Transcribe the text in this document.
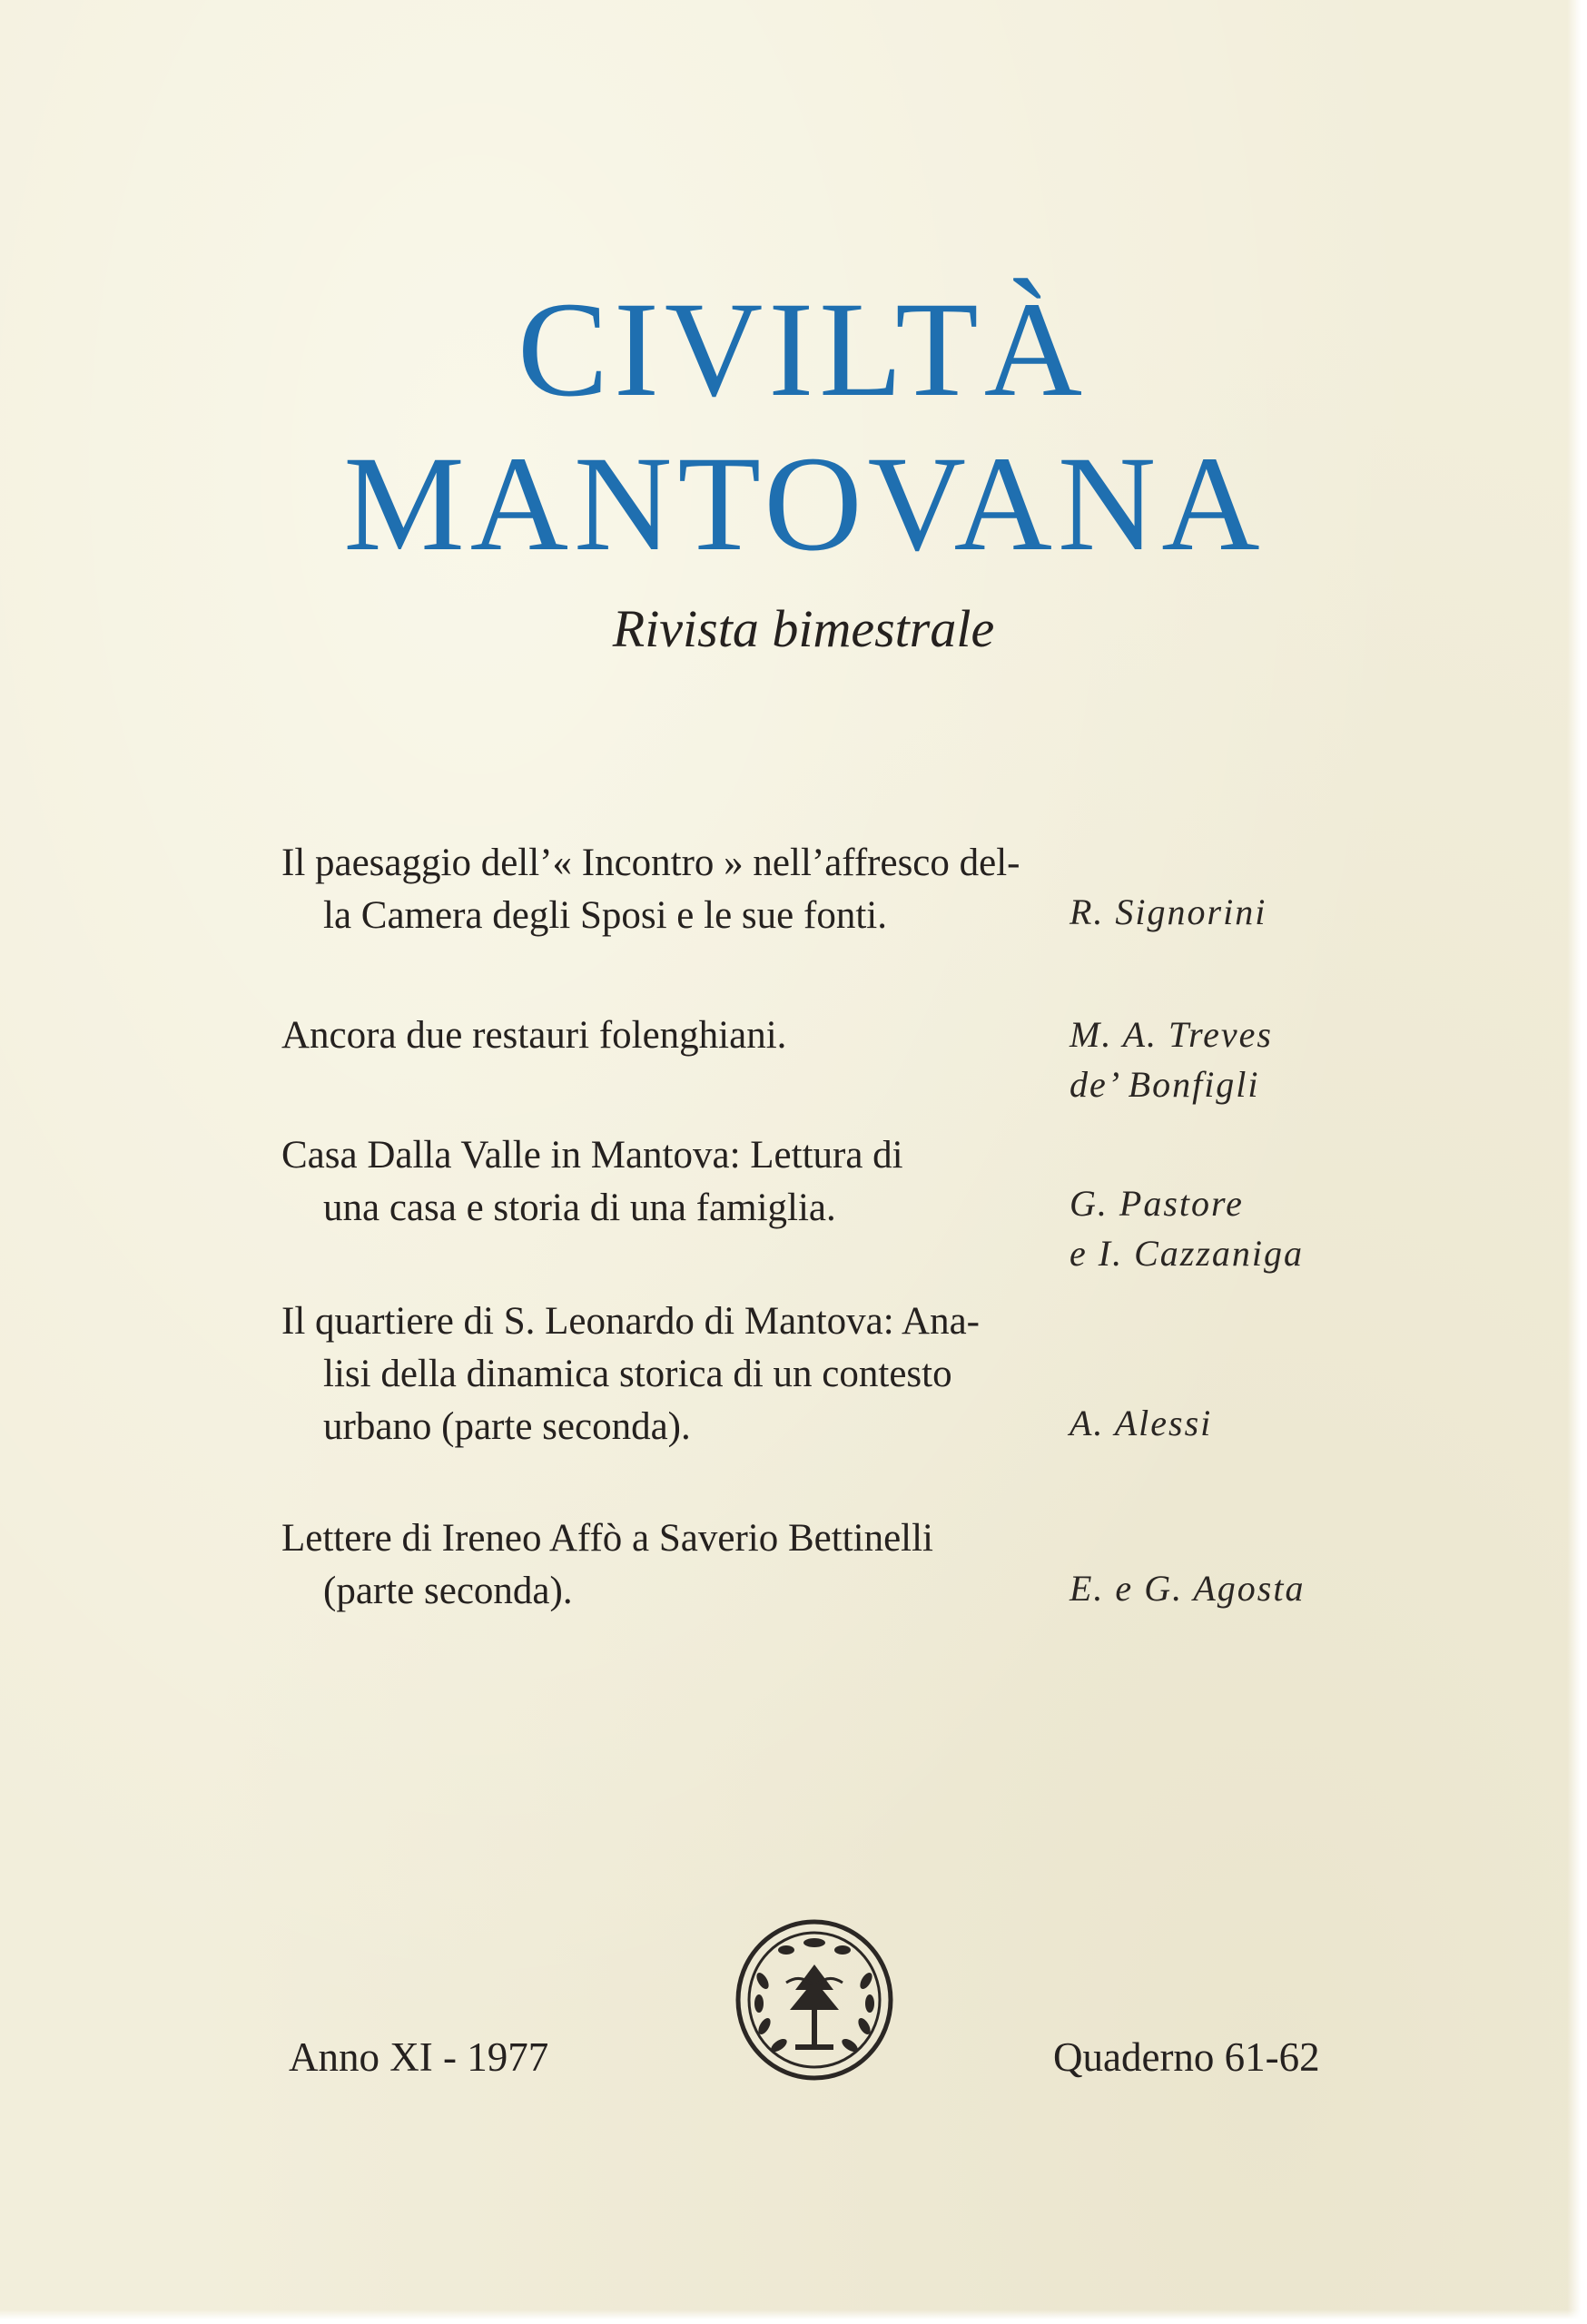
CIVILTÀ
MANTOVANA
Rivista bimestrale
Il paesaggio dell’« Incontro » nell’affresco del-
la Camera degli Sposi e le sue fonti.	R. Signorini
Ancora due restauri folenghiani.	M. A. Treves
de’ Bonfigli
Casa Dalla Valle in Mantova: Lettura di
una casa e storia di una famiglia.	G. Pastore
e I. Cazzaniga
Il quartiere di S. Leonardo di Mantova: Ana-
lisi della dinamica storica di un contesto
urbano (parte seconda).	A. Alessi
Lettere di Ireneo Affò a Saverio Bettinelli
(parte seconda).	E. e G. Agosta
Anno XI - 1977	Quaderno 61-62
